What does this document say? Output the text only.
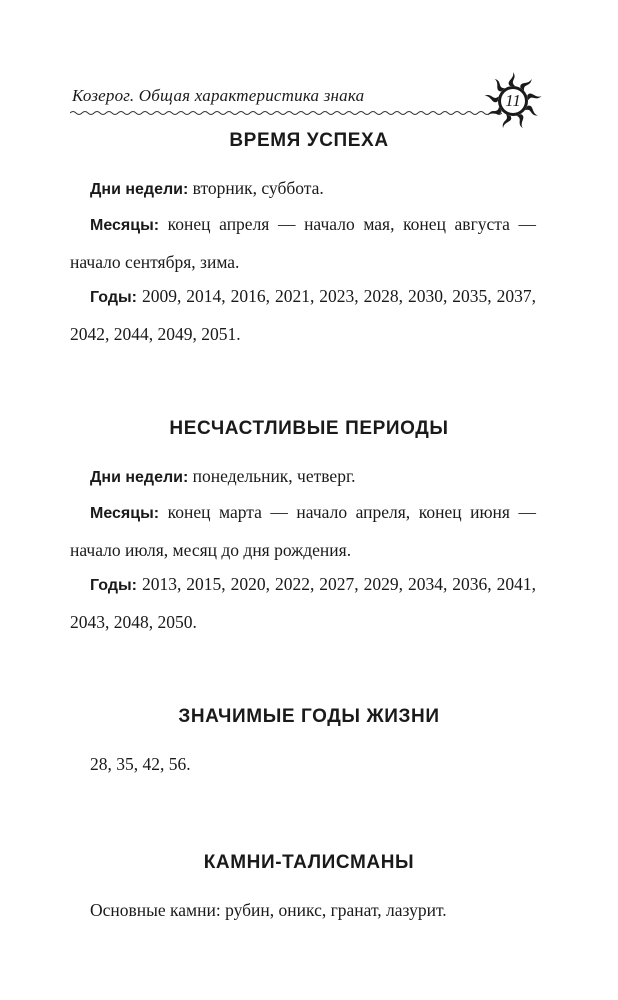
Козерог. Общая характеристика знака	11
ВРЕМЯ УСПЕХА

Дни недели: вторник, суббота.

Месяцы: конец апреля — начало мая, конец августа — начало сентября, зима.

Годы: 2009, 2014, 2016, 2021, 2023, 2028, 2030, 2035, 2037, 2042, 2044, 2049, 2051.

НЕСЧАСТЛИВЫЕ ПЕРИОДЫ

Дни недели: понедельник, четверг.

Месяцы: конец марта — начало апреля, конец июня — начало июля, месяц до дня рождения.

Годы: 2013, 2015, 2020, 2022, 2027, 2029, 2034, 2036, 2041, 2043, 2048, 2050.

ЗНАЧИМЫЕ ГОДЫ ЖИЗНИ

28, 35, 42, 56.

КАМНИ-ТАЛИСМАНЫ

Основные камни: рубин, оникс, гранат, лазурит.
